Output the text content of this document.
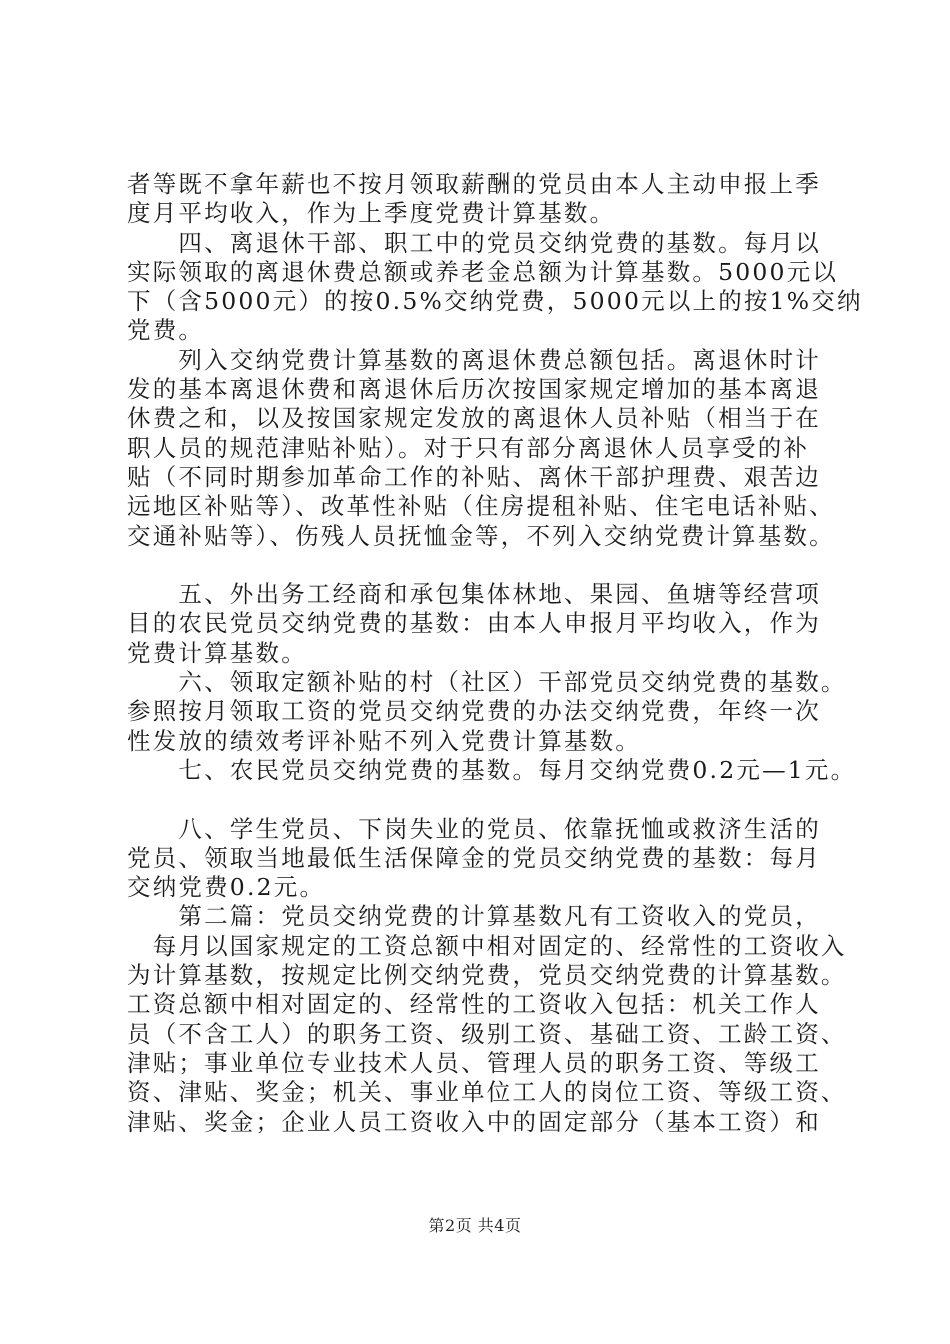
者等既不拿年薪也不按月领取薪酬的党员由本人主动申报上季
度月平均收入，作为上季度党费计算基数。
　　四、离退休干部、职工中的党员交纳党费的基数。每月以
实际领取的离退休费总额或养老金总额为计算基数。5000元以
下（含5000元）的按0.5%交纳党费，5000元以上的按1%交纳
党费。
　　列入交纳党费计算基数的离退休费总额包括。离退休时计
发的基本离退休费和离退休后历次按国家规定增加的基本离退
休费之和，以及按国家规定发放的离退休人员补贴（相当于在
职人员的规范津贴补贴）。对于只有部分离退休人员享受的补
贴（不同时期参加革命工作的补贴、离休干部护理费、艰苦边
远地区补贴等）、改革性补贴（住房提租补贴、住宅电话补贴、
交通补贴等）、伤残人员抚恤金等，不列入交纳党费计算基数。
　　五、外出务工经商和承包集体林地、果园、鱼塘等经营项
目的农民党员交纳党费的基数：由本人申报月平均收入，作为
党费计算基数。
　　六、领取定额补贴的村（社区）干部党员交纳党费的基数。
参照按月领取工资的党员交纳党费的办法交纳党费，年终一次
性发放的绩效考评补贴不列入党费计算基数。
　　七、农民党员交纳党费的基数。每月交纳党费0.2元—1元。
　　八、学生党员、下岗失业的党员、依靠抚恤或救济生活的
党员、领取当地最低生活保障金的党员交纳党费的基数：每月
交纳党费0.2元。
　　第二篇：党员交纳党费的计算基数凡有工资收入的党员，
　每月以国家规定的工资总额中相对固定的、经常性的工资收入
为计算基数，按规定比例交纳党费，党员交纳党费的计算基数。
工资总额中相对固定的、经常性的工资收入包括：机关工作人
员（不含工人）的职务工资、级别工资、基础工资、工龄工资、
津贴；事业单位专业技术人员、管理人员的职务工资、等级工
资、津贴、奖金；机关、事业单位工人的岗位工资、等级工资、
津贴、奖金；企业人员工资收入中的固定部分（基本工资）和
第2页 共4页
